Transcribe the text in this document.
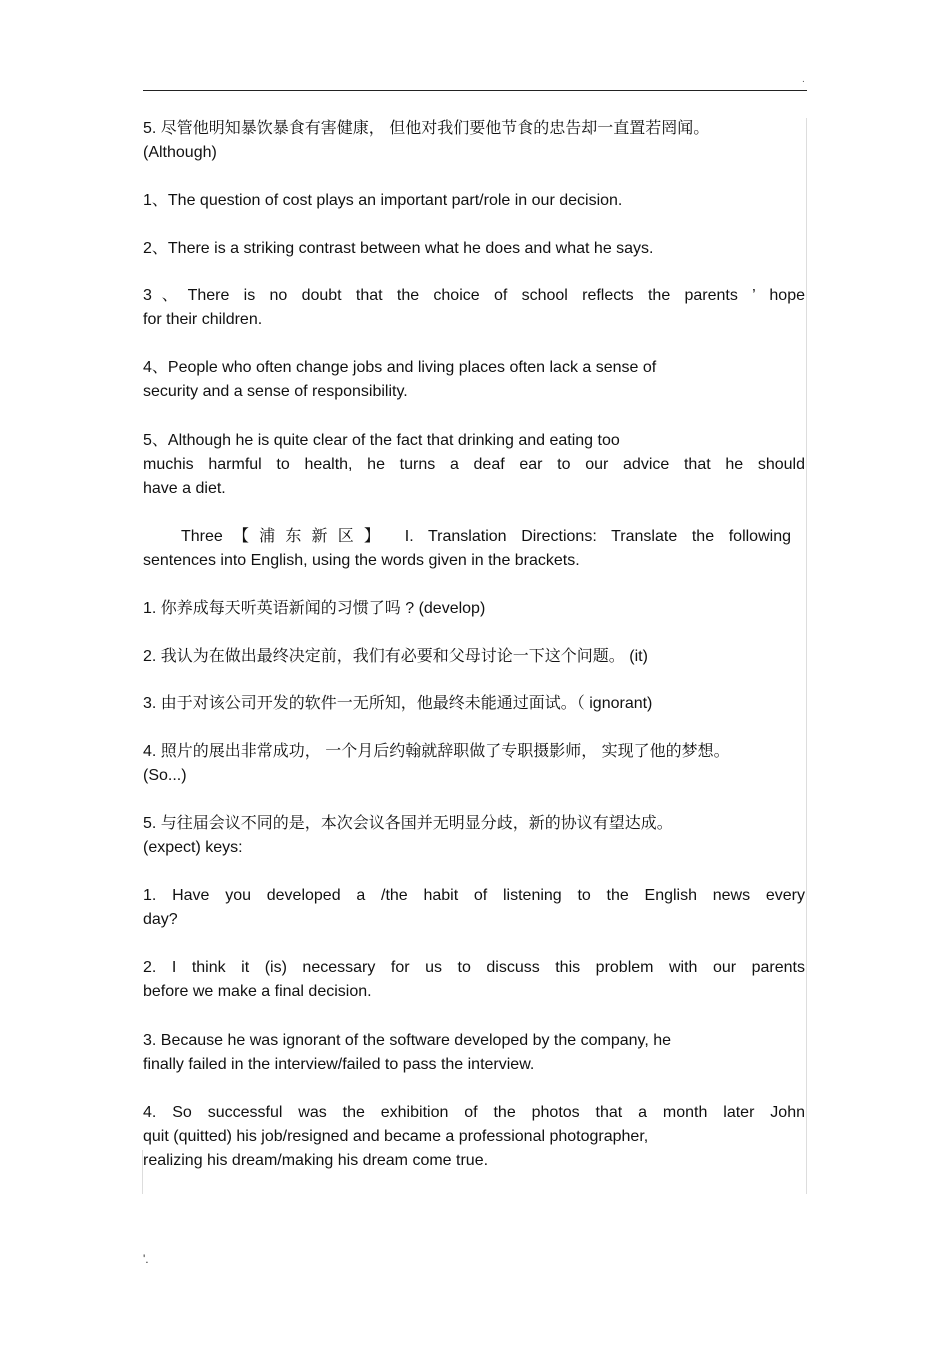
.

5. 尽管他明知暴饮暴食有害健康， 但他对我们要他节食的忠告却一直置若罔闻。
(Although)

1、The question of cost plays an important part/role in our decision.

2、There is a striking contrast between what he does and what he says.

3、There is no doubt that the choice of school reflects the parents ’ hope
for their children.

4、People who often change jobs and living places often lack a sense of
security and a sense of responsibility.

5、Although he is quite clear of the fact that drinking and eating too
muchis harmful to health, he turns a deaf ear to our advice that he should
have a diet.

Three【浦东新区】 I. Translation Directions: Translate the following
sentences into English, using the words given in the brackets.

1. 你养成每天听英语新闻的习惯了吗 ? (develop)

2. 我认为在做出最终决定前，我们有必要和父母讨论一下这个问题。 (it)

3. 由于对该公司开发的软件一无所知，他最终未能通过面试。（ ignorant)

4. 照片的展出非常成功， 一个月后约翰就辞职做了专职摄影师， 实现了他的梦想。
(So...)

5. 与往届会议不同的是，本次会议各国并无明显分歧，新的协议有望达成。
(expect) keys:

1. Have you developed a /the habit of listening to the English news every
day?

2. I think it (is) necessary for us to discuss this problem with our parents
before we make a final decision.

3. Because he was ignorant of the software developed by the company, he
finally failed in the interview/failed to pass the interview.

4. So successful was the exhibition of the photos that a month later John
quit (quitted) his job/resigned and became a professional photographer,
realizing his dream/making his dream come true.

'.
